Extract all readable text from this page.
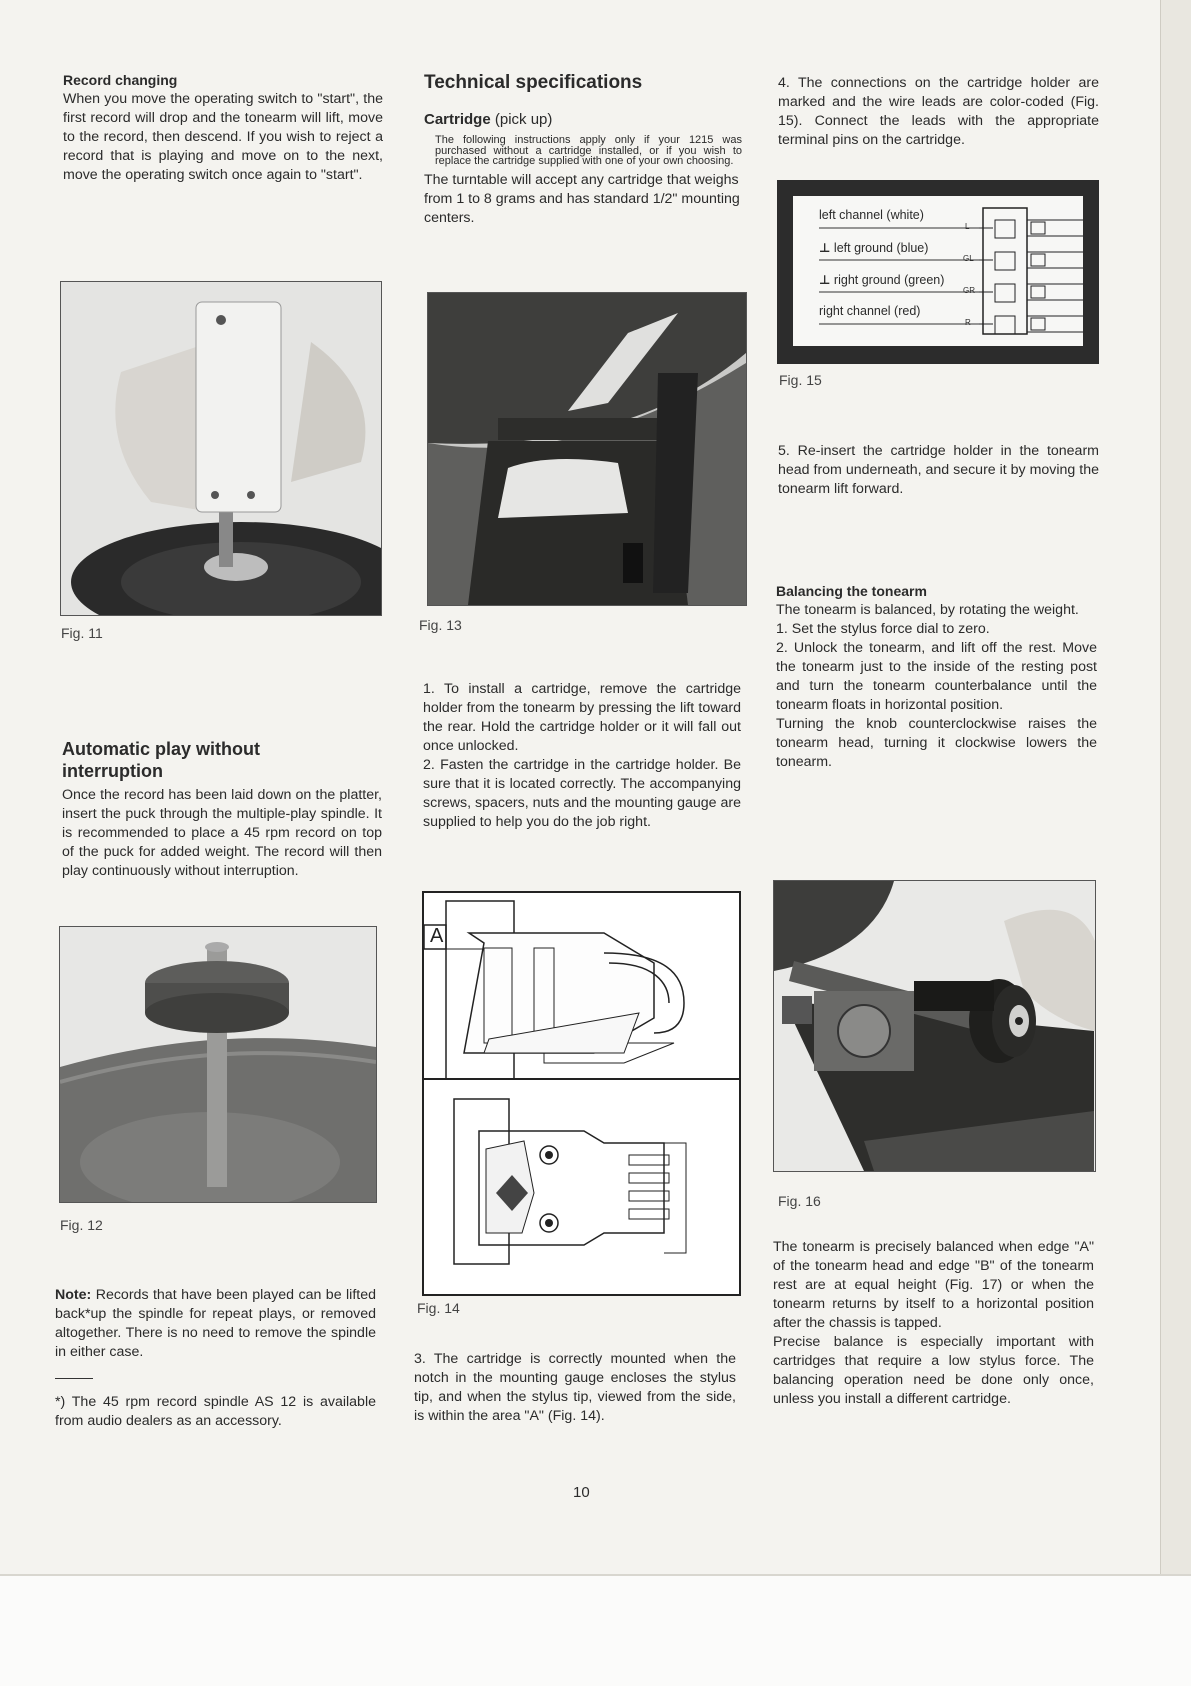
Record changing

When you move the operating switch to "start", the first record will drop and the tonearm will lift, move to the record, then descend. If you wish to reject a record that is playing and move on to the next, move the operating switch once again to "start".

Fig. 11

Automatic play without interruption

Once the record has been laid down on the platter, insert the puck through the multiple-play spindle. It is recommended to place a 45 rpm record on top of the puck for added weight. The record will then play continuously without interruption.

Fig. 12

Note: Records that have been played can be lifted back*up the spindle for repeat plays, or removed altogether. There is no need to remove the spindle in either case.

*) The 45 rpm record spindle AS 12 is available from audio dealers as an accessory.

Technical specifications

Cartridge (pick up)

The following instructions apply only if your 1215 was purchased without a cartridge installed, or if you wish to replace the cartridge supplied with one of your own choosing.

The turntable will accept any cartridge that weighs from 1 to 8 grams and has standard 1/2" mounting centers.

Fig. 13

1. To install a cartridge, remove the cartridge holder from the tonearm by pressing the lift toward the rear. Hold the cartridge holder or it will fall out once unlocked.
2. Fasten the cartridge in the cartridge holder. Be sure that it is located correctly. The accompanying screws, spacers, nuts and the mounting gauge are supplied to help you do the job right.

A
Fig. 14

3. The cartridge is correctly mounted when the notch in the mounting gauge encloses the stylus tip, and when the stylus tip, viewed from the side, is within the area "A" (Fig. 14).

4. The connections on the cartridge holder are marked and the wire leads are color-coded (Fig. 15). Connect the leads with the appropriate terminal pins on the cartridge.

left channel (white)
⊥ left ground (blue)
⊥ right ground (green)
right channel (red)
L
GL
GR
R
Fig. 15

5. Re-insert the cartridge holder in the tonearm head from underneath, and secure it by moving the tonearm lift forward.

Balancing the tonearm

The tonearm is balanced, by rotating the weight.
1. Set the stylus force dial to zero.
2. Unlock the tonearm, and lift off the rest. Move the tonearm just to the inside of the resting post and turn the tonearm counterbalance until the tonearm floats in horizontal position.
Turning the knob counterclockwise raises the tonearm head, turning it clockwise lowers the tonearm.

Fig. 16

The tonearm is precisely balanced when edge "A" of the tonearm head and edge "B" of the tonearm rest are at equal height (Fig. 17) or when the tonearm returns by itself to a horizontal position after the chassis is tapped.
Precise balance is especially important with cartridges that require a low stylus force. The balancing operation need be done only once, unless you install a different cartridge.

10
